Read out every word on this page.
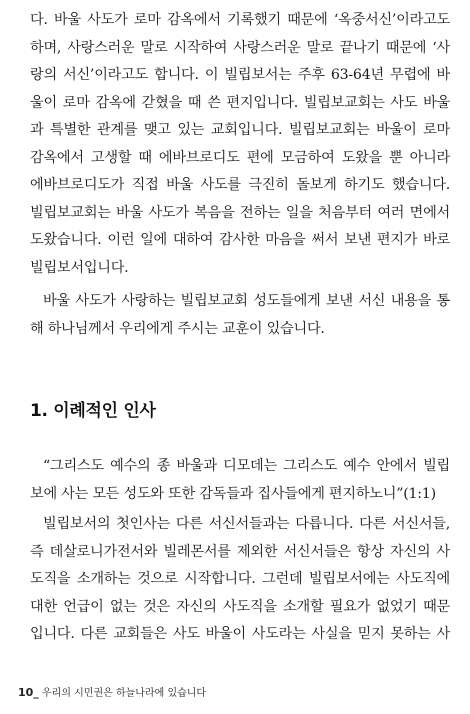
다. 바울 사도가 로마 감옥에서 기록했기 때문에 ‘옥중서신’이라고도
하며, 사랑스러운 말로 시작하여 사랑스러운 말로 끝나기 때문에 ‘사
랑의 서신’이라고도 합니다. 이 빌립보서는 주후 63-64년 무렵에 바
울이 로마 감옥에 갇혔을 때 쓴 편지입니다. 빌립보교회는 사도 바울
과 특별한 관계를 맺고 있는 교회입니다. 빌립보교회는 바울이 로마
감옥에서 고생할 때 에바브로디도 편에 모금하여 도왔을 뿐 아니라
에바브로디도가 직접 바울 사도를 극진히 돌보게 하기도 했습니다.
빌립보교회는 바울 사도가 복음을 전하는 일을 처음부터 여러 면에서
도왔습니다. 이런 일에 대하여 감사한 마음을 써서 보낸 편지가 바로
빌립보서입니다.
바울 사도가 사랑하는 빌립보교회 성도들에게 보낸 서신 내용을 통
해 하나님께서 우리에게 주시는 교훈이 있습니다.
1. 이례적인 인사
“그리스도 예수의 종 바울과 디모데는 그리스도 예수 안에서 빌립
보에 사는 모든 성도와 또한 감독들과 집사들에게 편지하노니”(1:1)
빌립보서의 첫인사는 다른 서신서들과는 다릅니다. 다른 서신서들,
즉 데살로니가전서와 빌레몬서를 제외한 서신서들은 항상 자신의 사
도직을 소개하는 것으로 시작합니다. 그런데 빌립보서에는 사도직에
대한 언급이 없는 것은 자신의 사도직을 소개할 필요가 없었기 때문
입니다. 다른 교회들은 사도 바울이 사도라는 사실을 믿지 못하는 사
10_ 우리의 시민권은 하늘나라에 있습니다
